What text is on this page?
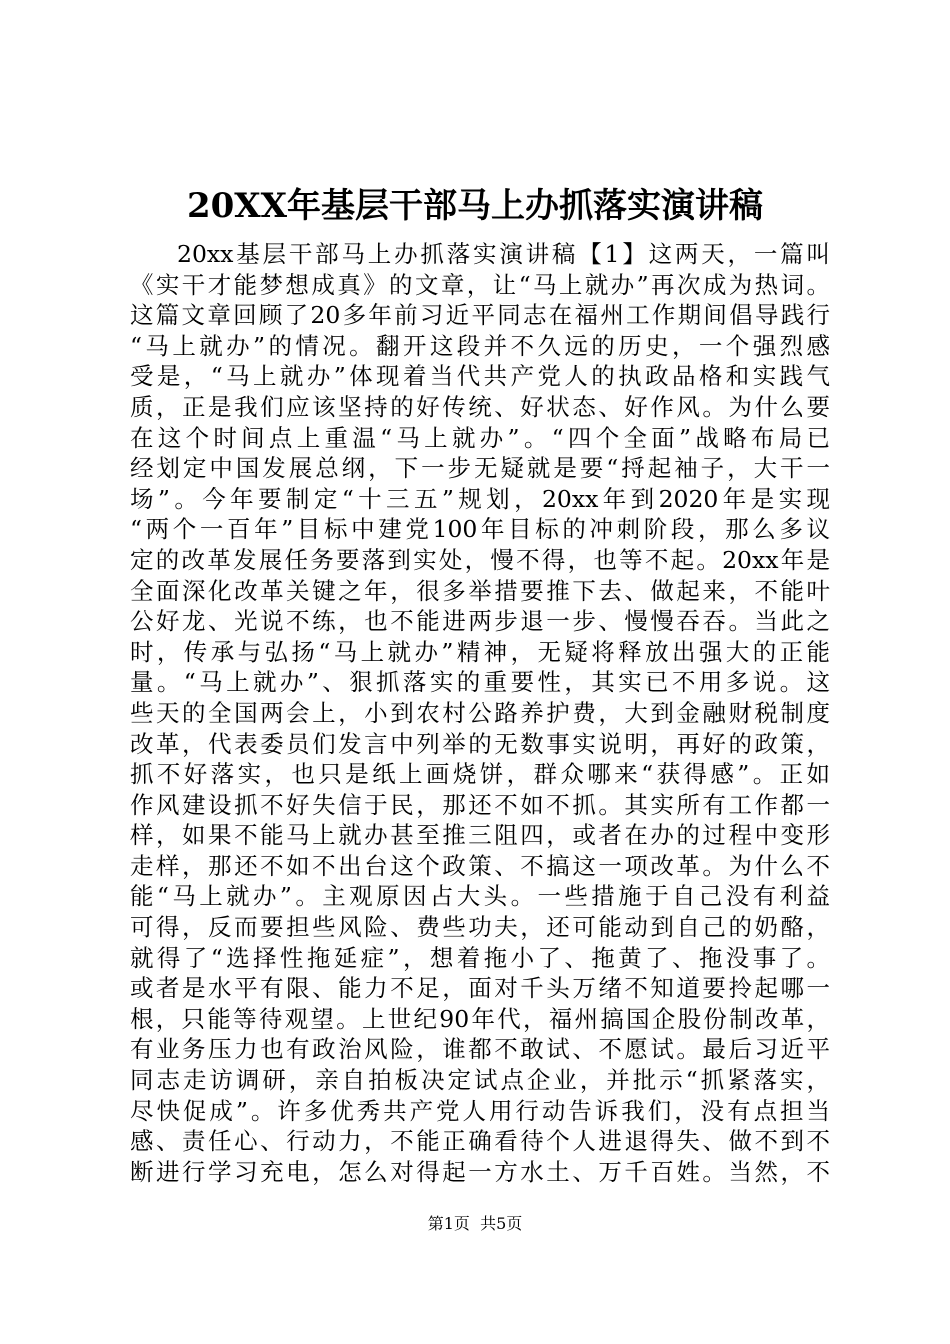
20XX年基层干部马上办抓落实演讲稿
20xx基层干部马上办抓落实演讲稿【1】这两天，一篇叫
《实干才能梦想成真》的文章，让“马上就办”再次成为热词。
这篇文章回顾了20多年前习近平同志在福州工作期间倡导践行
“马上就办”的情况。翻开这段并不久远的历史，一个强烈感
受是，“马上就办”体现着当代共产党人的执政品格和实践气
质，正是我们应该坚持的好传统、好状态、好作风。为什么要
在这个时间点上重温“马上就办”。“四个全面”战略布局已
经划定中国发展总纲，下一步无疑就是要“捋起袖子，大干一
场”。今年要制定“十三五”规划，20xx年到2020年是实现
“两个一百年”目标中建党100年目标的冲刺阶段，那么多议
定的改革发展任务要落到实处，慢不得，也等不起。20xx年是
全面深化改革关键之年，很多举措要推下去、做起来，不能叶
公好龙、光说不练，也不能进两步退一步、慢慢吞吞。当此之
时，传承与弘扬“马上就办”精神，无疑将释放出强大的正能
量。“马上就办”、狠抓落实的重要性，其实已不用多说。这
些天的全国两会上，小到农村公路养护费，大到金融财税制度
改革，代表委员们发言中列举的无数事实说明，再好的政策，
抓不好落实，也只是纸上画烧饼，群众哪来“获得感”。正如
作风建设抓不好失信于民，那还不如不抓。其实所有工作都一
样，如果不能马上就办甚至推三阻四，或者在办的过程中变形
走样，那还不如不出台这个政策、不搞这一项改革。为什么不
能“马上就办”。主观原因占大头。一些措施于自己没有利益
可得，反而要担些风险、费些功夫，还可能动到自己的奶酪，
就得了“选择性拖延症”，想着拖小了、拖黄了、拖没事了。
或者是水平有限、能力不足，面对千头万绪不知道要拎起哪一
根，只能等待观望。上世纪90年代，福州搞国企股份制改革，
有业务压力也有政治风险，谁都不敢试、不愿试。最后习近平
同志走访调研，亲自拍板决定试点企业，并批示“抓紧落实，
尽快促成”。许多优秀共产党人用行动告诉我们，没有点担当
感、责任心、行动力，不能正确看待个人进退得失、做不到不
断进行学习充电，怎么对得起一方水土、万千百姓。当然，不
第1页 共5页
